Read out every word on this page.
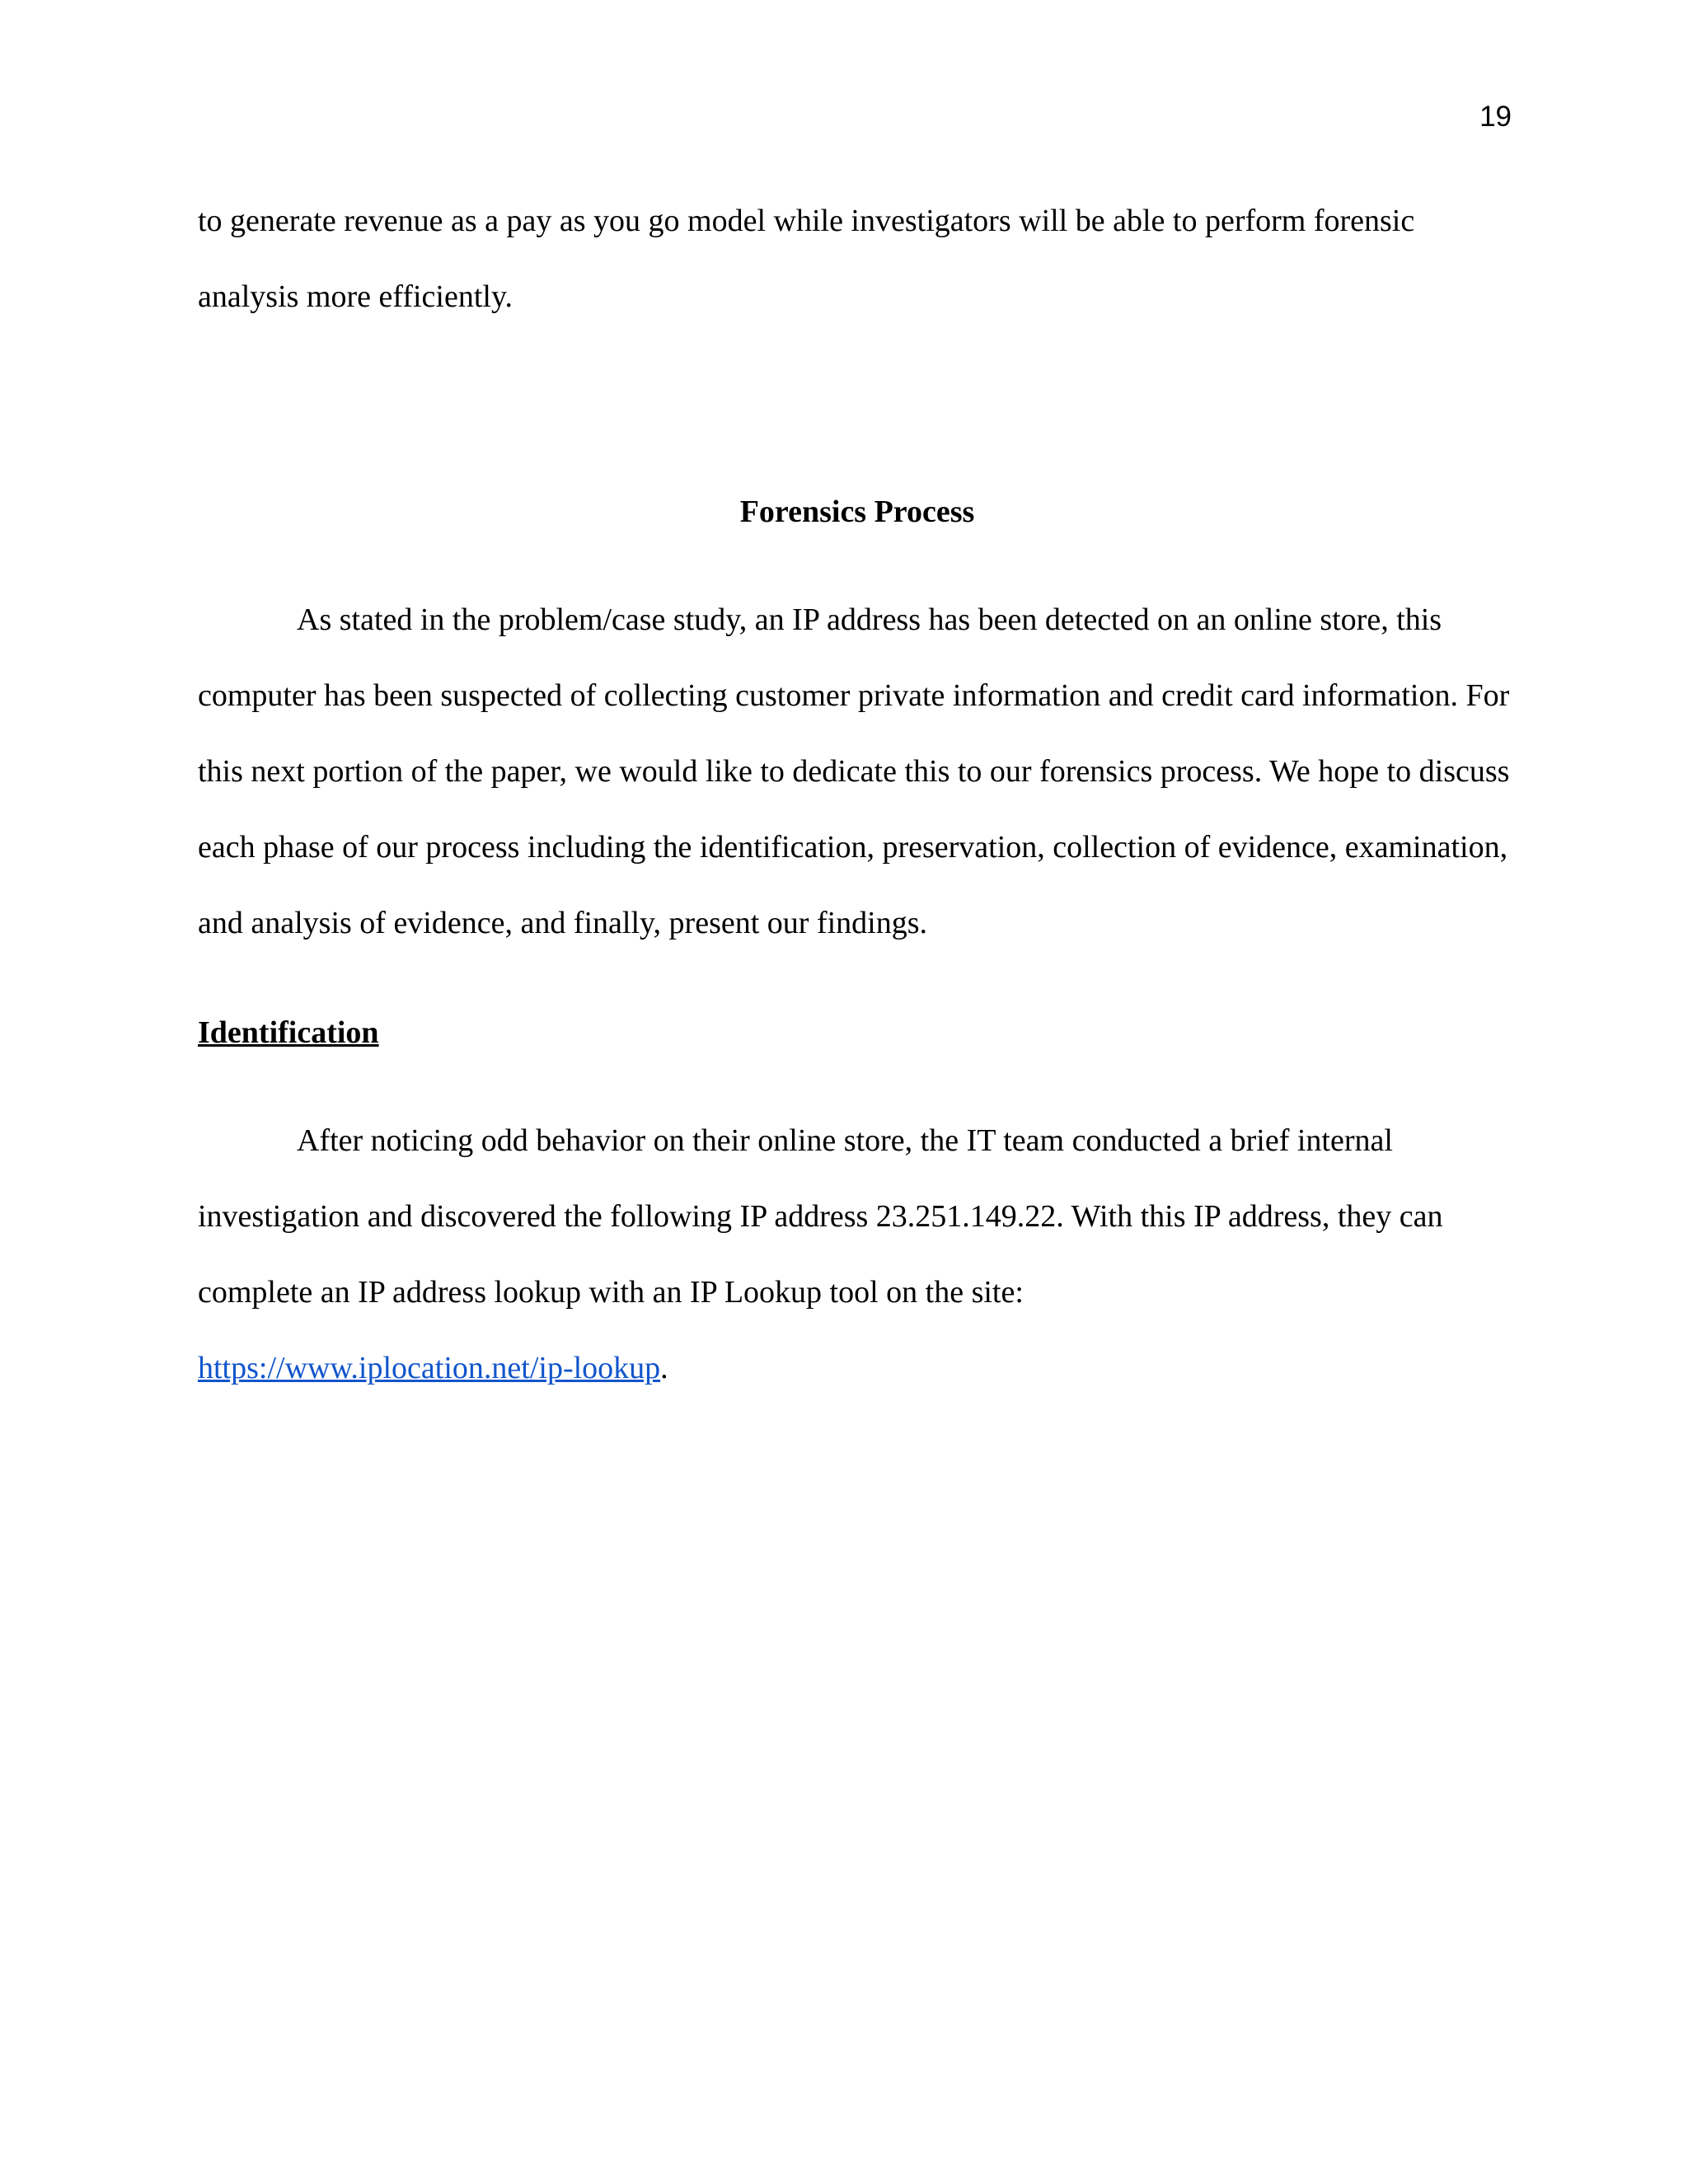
19

to generate revenue as a pay as you go model while investigators will be able to perform forensic analysis more efficiently.

Forensics Process

As stated in the problem/case study, an IP address has been detected on an online store, this computer has been suspected of collecting customer private information and credit card information. For this next portion of the paper, we would like to dedicate this to our forensics process. We hope to discuss each phase of our process including the identification, preservation, collection of evidence, examination, and analysis of evidence, and finally, present our findings.

Identification

After noticing odd behavior on their online store, the IT team conducted a brief internal investigation and discovered the following IP address 23.251.149.22. With this IP address, they can complete an IP address lookup with an IP Lookup tool on the site:
https://www.iplocation.net/ip-lookup.
